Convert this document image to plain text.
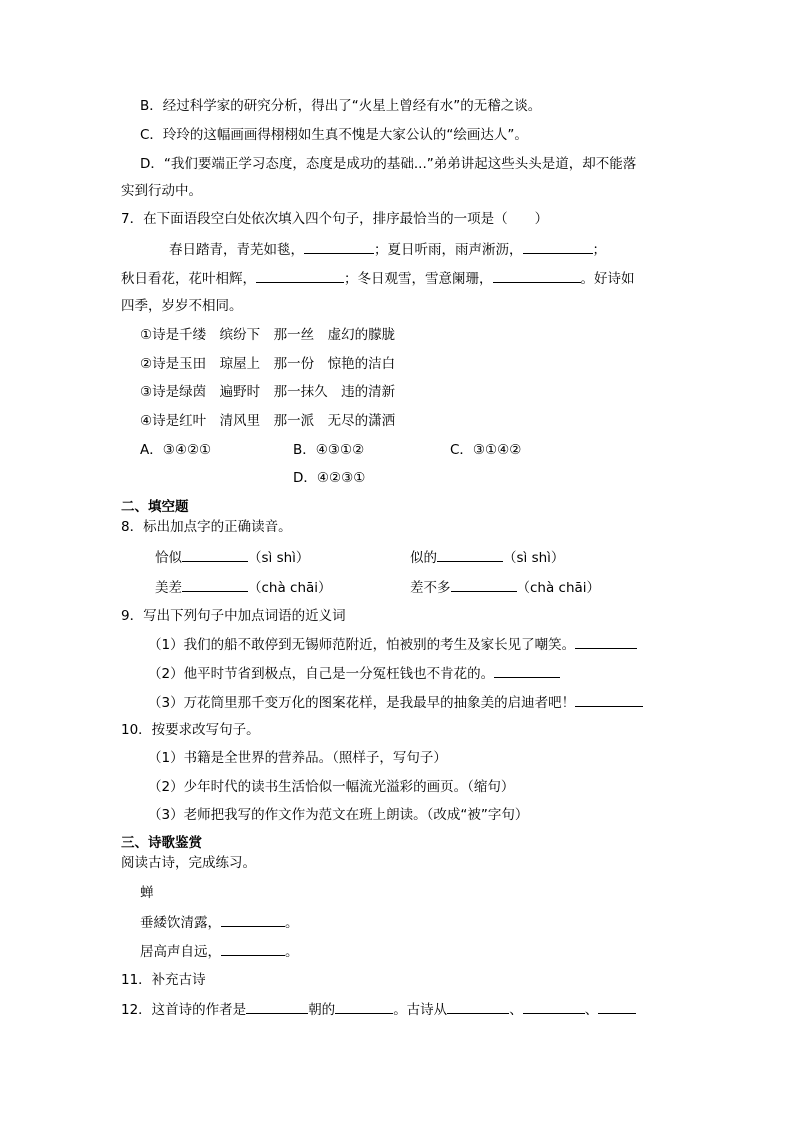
B．经过科学家的研究分析，得出了“火星上曾经有水”的无稽之谈。
C．玲玲的这幅画画得栩栩如生真不愧是大家公认的“绘画达人”。
D．“我们要端正学习态度，态度是成功的基础...”弟弟讲起这些头头是道，却不能落
实到行动中。
7．在下面语段空白处依次填入四个句子，排序最恰当的一项是（　　）
春日踏青，青芜如毯，	；夏日听雨，雨声淅沥，	；
秋日看花，花叶相辉，	；冬日观雪，雪意阑珊，	。好诗如
四季，岁岁不相同。
①诗是千缕　缤纷下　那一丝　虚幻的朦胧
②诗是玉田　琼屋上　那一份　惊艳的洁白
③诗是绿茵　遍野时　那一抹久　违的清新
④诗是红叶　清风里　那一派　无尽的潇洒
A．③④②①	B．④③①②	C．③①④②
D．④②③①
二、填空题
8．标出加点字的正确读音。
恰似	（sì shì）	似的	（sì shì）
美差	（chà chāi）	差不多	（chà chāi）
9．写出下列句子中加点词语的近义词
（1）我们的船不敢停到无锡师范附近，怕被别的考生及家长见了嘲笑。
（2）他平时节省到极点，自己是一分冤枉钱也不肯花的。
（3）万花筒里那千变万化的图案花样，是我最早的抽象美的启迪者吧！
10．按要求改写句子。
（1）书籍是全世界的营养品。（照样子，写句子）
（2）少年时代的读书生活恰似一幅流光溢彩的画页。（缩句）
（3）老师把我写的作文作为范文在班上朗读。（改成“被”字句）
三、诗歌鉴赏
阅读古诗，完成练习。
蝉
垂緌饮清露，	。
居高声自远，	。
11．补充古诗
12．这首诗的作者是	朝的	。古诗从	、	、
